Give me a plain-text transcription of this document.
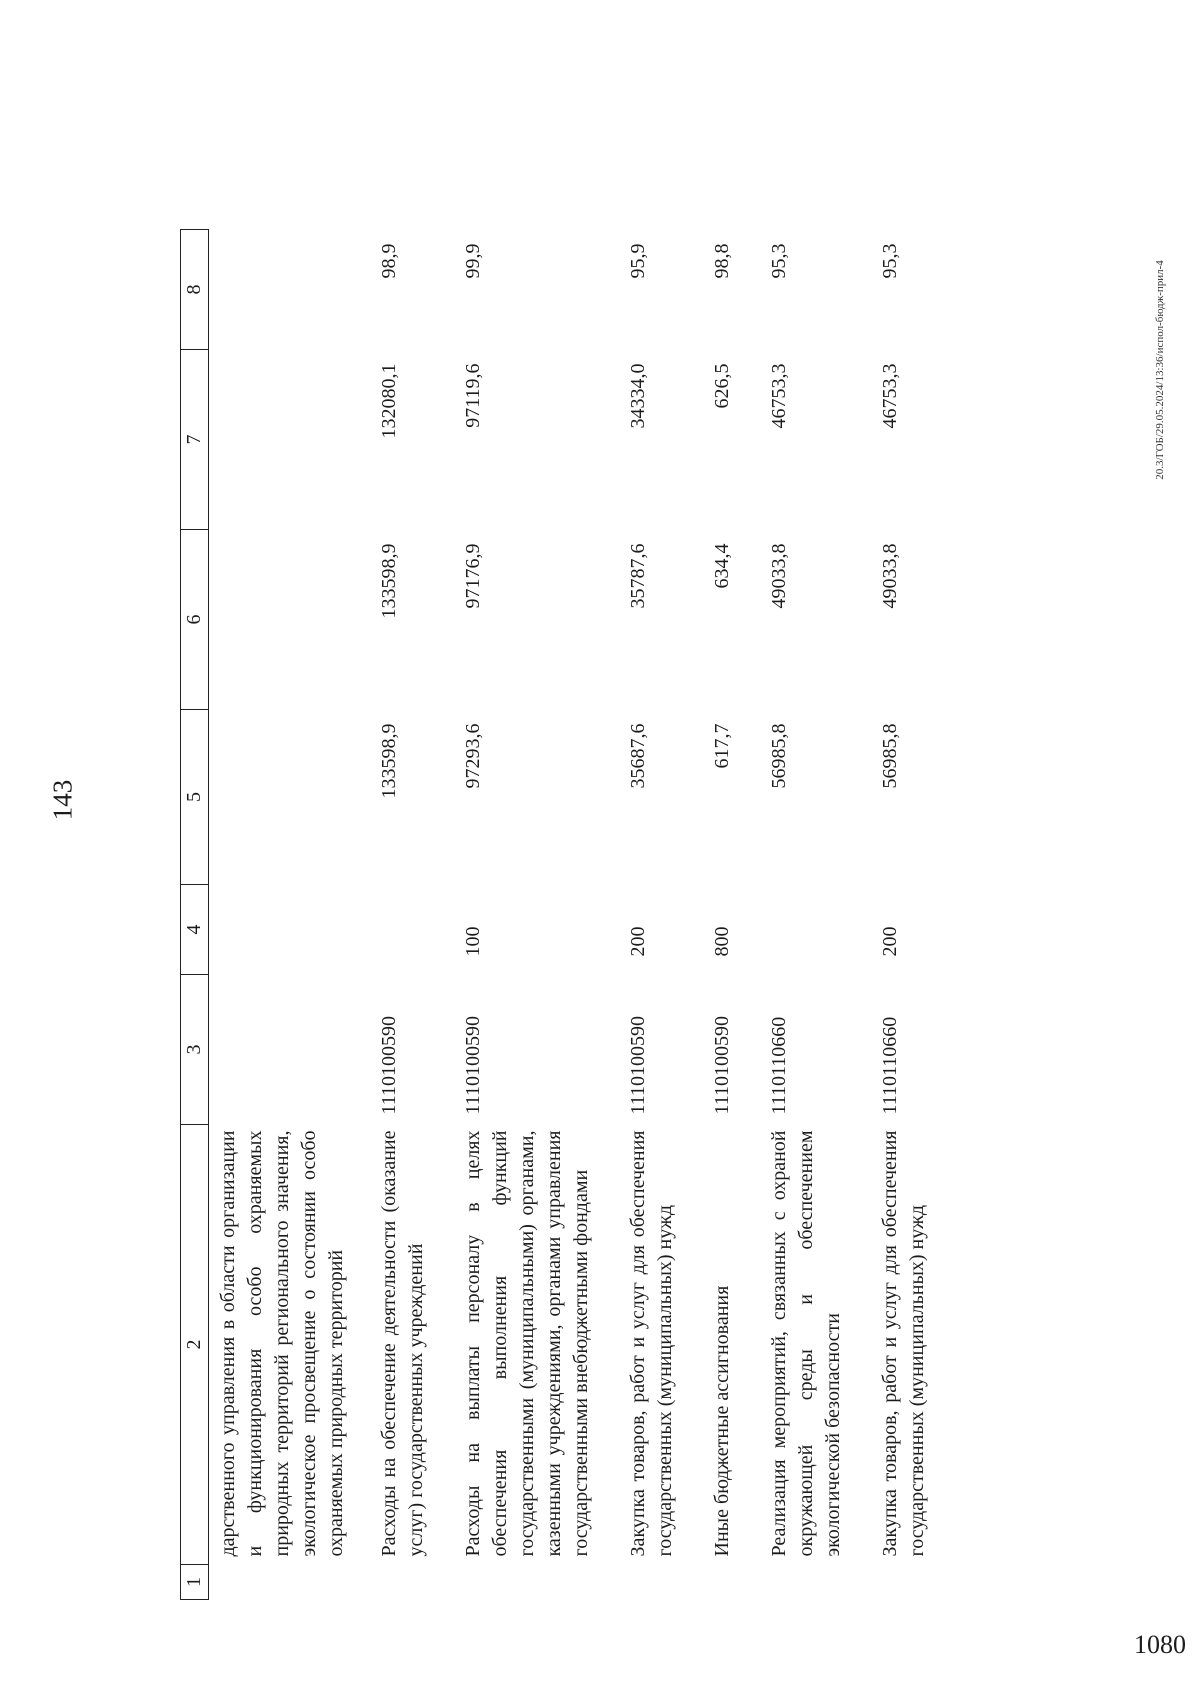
143
1	2	3	4	5	6	7	8
	дарственного управления в области организации и функционирования особо охраняемых природных территорий регионального значения, экологическое просвещение о состоянии особо охраняемых природных территорий						
	Расходы на обеспечение деятельности (оказание услуг) государственных учреждений	1110100590		133598,9	133598,9	132080,1	98,9
	Расходы на выплаты персоналу в целях обеспечения выполнения функций государственными (муниципальными) органами, казенными учреждениями, органами управления государственными внебюджетными фондами	1110100590	100	97293,6	97176,9	97119,6	99,9
	Закупка товаров, работ и услуг для обеспечения государственных (муниципальных) нужд	1110100590	200	35687,6	35787,6	34334,0	95,9
	Иные бюджетные ассигнования	1110100590	800	617,7	634,4	626,5	98,8
	Реализация мероприятий, связанных с охраной окружающей среды и обеспечением экологической безопасности	1110110660		56985,8	49033,8	46753,3	95,3
	Закупка товаров, работ и услуг для обеспечения государственных (муниципальных) нужд	1110110660	200	56985,8	49033,8	46753,3	95,3	20.3/ГОБ/29.05.2024/13:36/испол-бюдж-прил-4
1080
